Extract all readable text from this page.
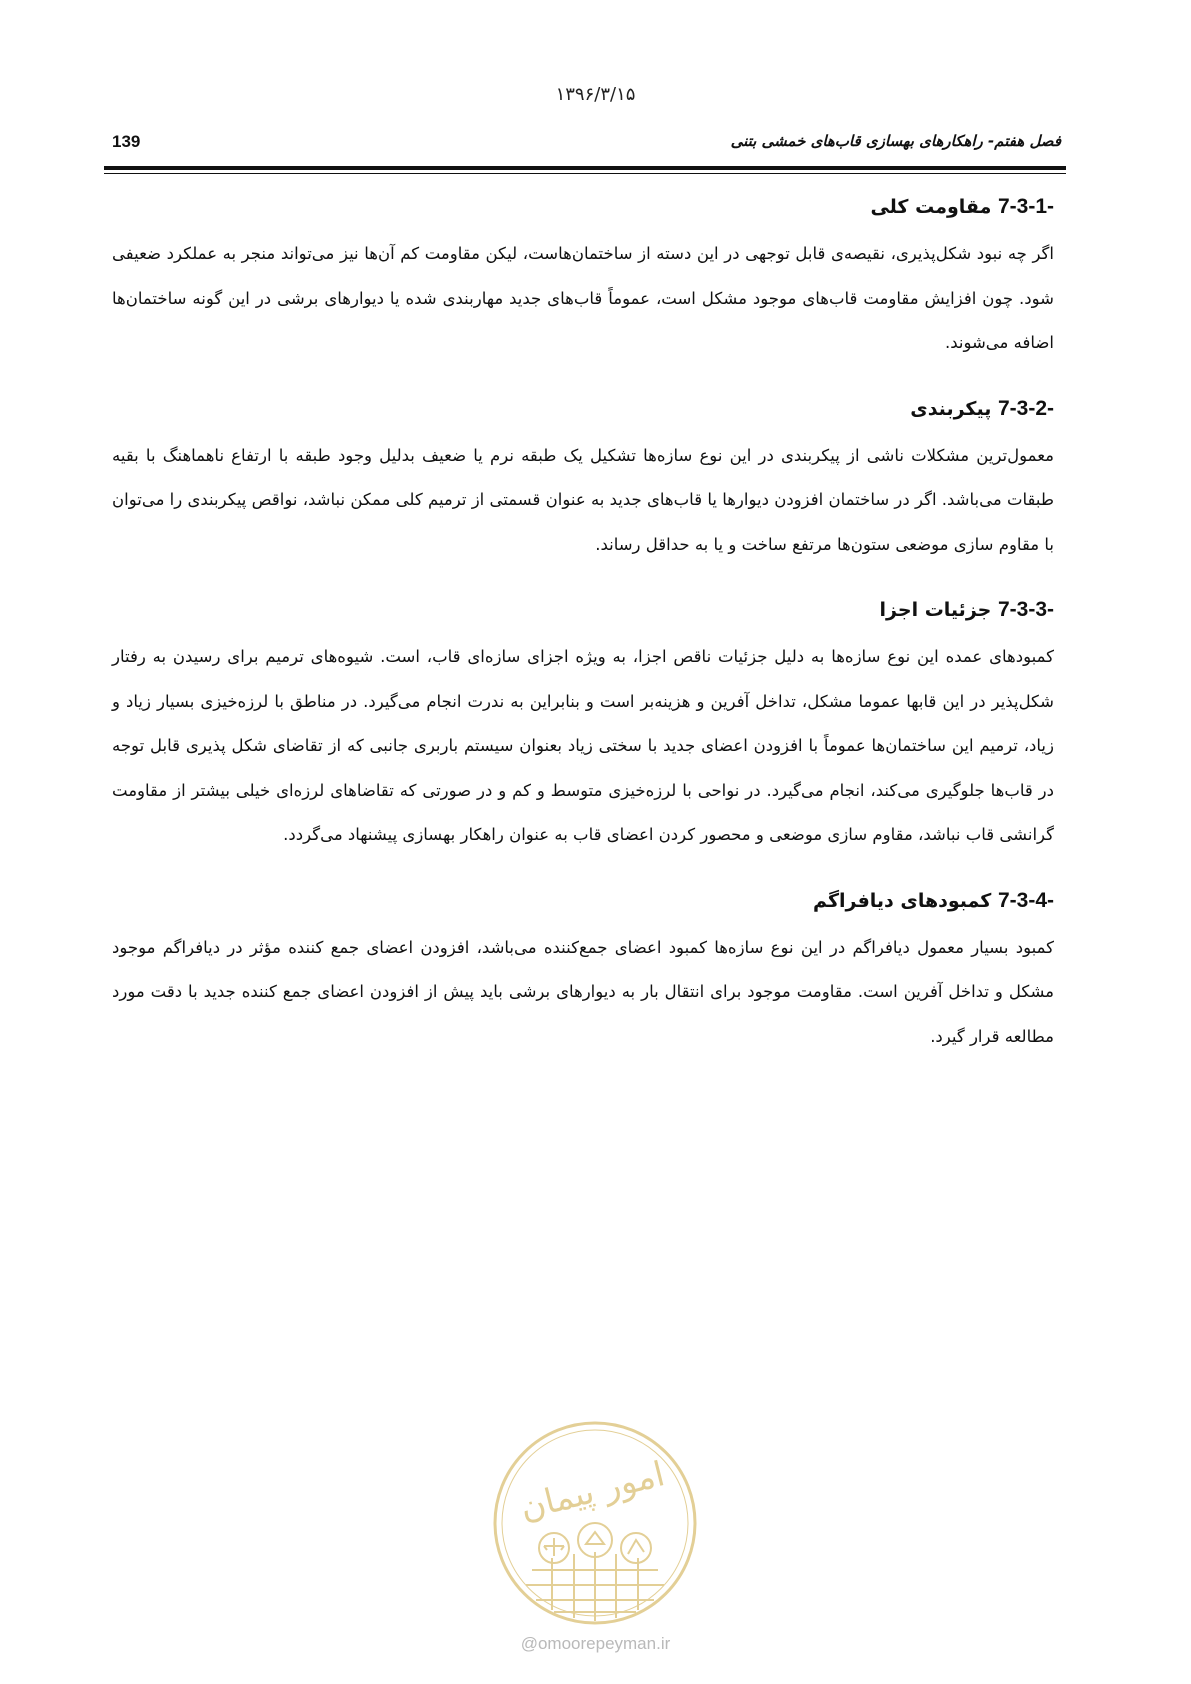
۱۳۹۶/۳/۱۵
139	فصل هفتم- راهکارهای بهسازی قاب‌های خمشی بتنی
7-3-1- مقاومت کلی

اگر چه نبود شکل‌پذیری، نقیصه‌ی قابل توجهی در این دسته از ساختمان‌هاست، لیکن مقاومت کم آن‌ها نیز می‌تواند منجر به عملکرد ضعیفی شود. چون افزایش مقاومت قاب‌های موجود مشکل است، عموماً قاب‌های جدید مهاربندی شده یا دیوارهای برشی در این گونه ساختمان‌ها اضافه می‌شوند.

7-3-2- پیکربندی

معمول‌ترین مشکلات ناشی از پیکربندی در این نوع سازه‌ها تشکیل یک طبقه نرم یا ضعیف بدلیل وجود طبقه با ارتفاع ناهماهنگ با بقیه طبقات می‌باشد. اگر در ساختمان افزودن دیوارها یا قاب‌های جدید به عنوان قسمتی از ترمیم کلی ممکن نباشد، نواقص پیکربندی را می‌توان با مقاوم سازی موضعی ستون‌ها مرتفع ساخت و یا به حداقل رساند.

7-3-3- جزئیات اجزا

کمبودهای عمده این نوع سازه‌ها به دلیل جزئیات ناقص اجزا، به ویژه اجزای سازه‌ای قاب، است. شیوه‌های ترمیم برای رسیدن به رفتار شکل‌پذیر در این قابها عموما مشکل، تداخل آفرین و هزینه‌بر است و بنابراین به ندرت انجام می‌گیرد. در مناطق با لرزه‌خیزی بسیار زیاد و زیاد، ترمیم این ساختمان‌ها عموماً با افزودن اعضای جدید با سختی زیاد بعنوان سیستم باربری جانبی که از تقاضای شکل پذیری قابل توجه در قاب‌ها جلوگیری می‌کند، انجام می‌گیرد. در نواحی با لرزه‌خیزی متوسط و کم و در صورتی که تقاضاهای لرزه‌ای خیلی بیشتر از مقاومت گرانشی قاب نباشد، مقاوم سازی موضعی و محصور کردن اعضای قاب به عنوان راهکار بهسازی پیشنهاد می‌گردد.

7-3-4- کمبودهای دیافراگم

کمبود بسیار معمول دیافراگم در این نوع سازه‌ها کمبود اعضای جمع‌کننده می‌باشد، افزودن اعضای جمع کننده مؤثر در دیافراگم موجود مشکل و تداخل آفرین است. مقاومت موجود برای انتقال بار به دیوارهای برشی باید پیش از افزودن اعضای جمع کننده جدید با دقت مورد مطالعه قرار گیرد.

امور پیمان
@omoorepeyman.ir
